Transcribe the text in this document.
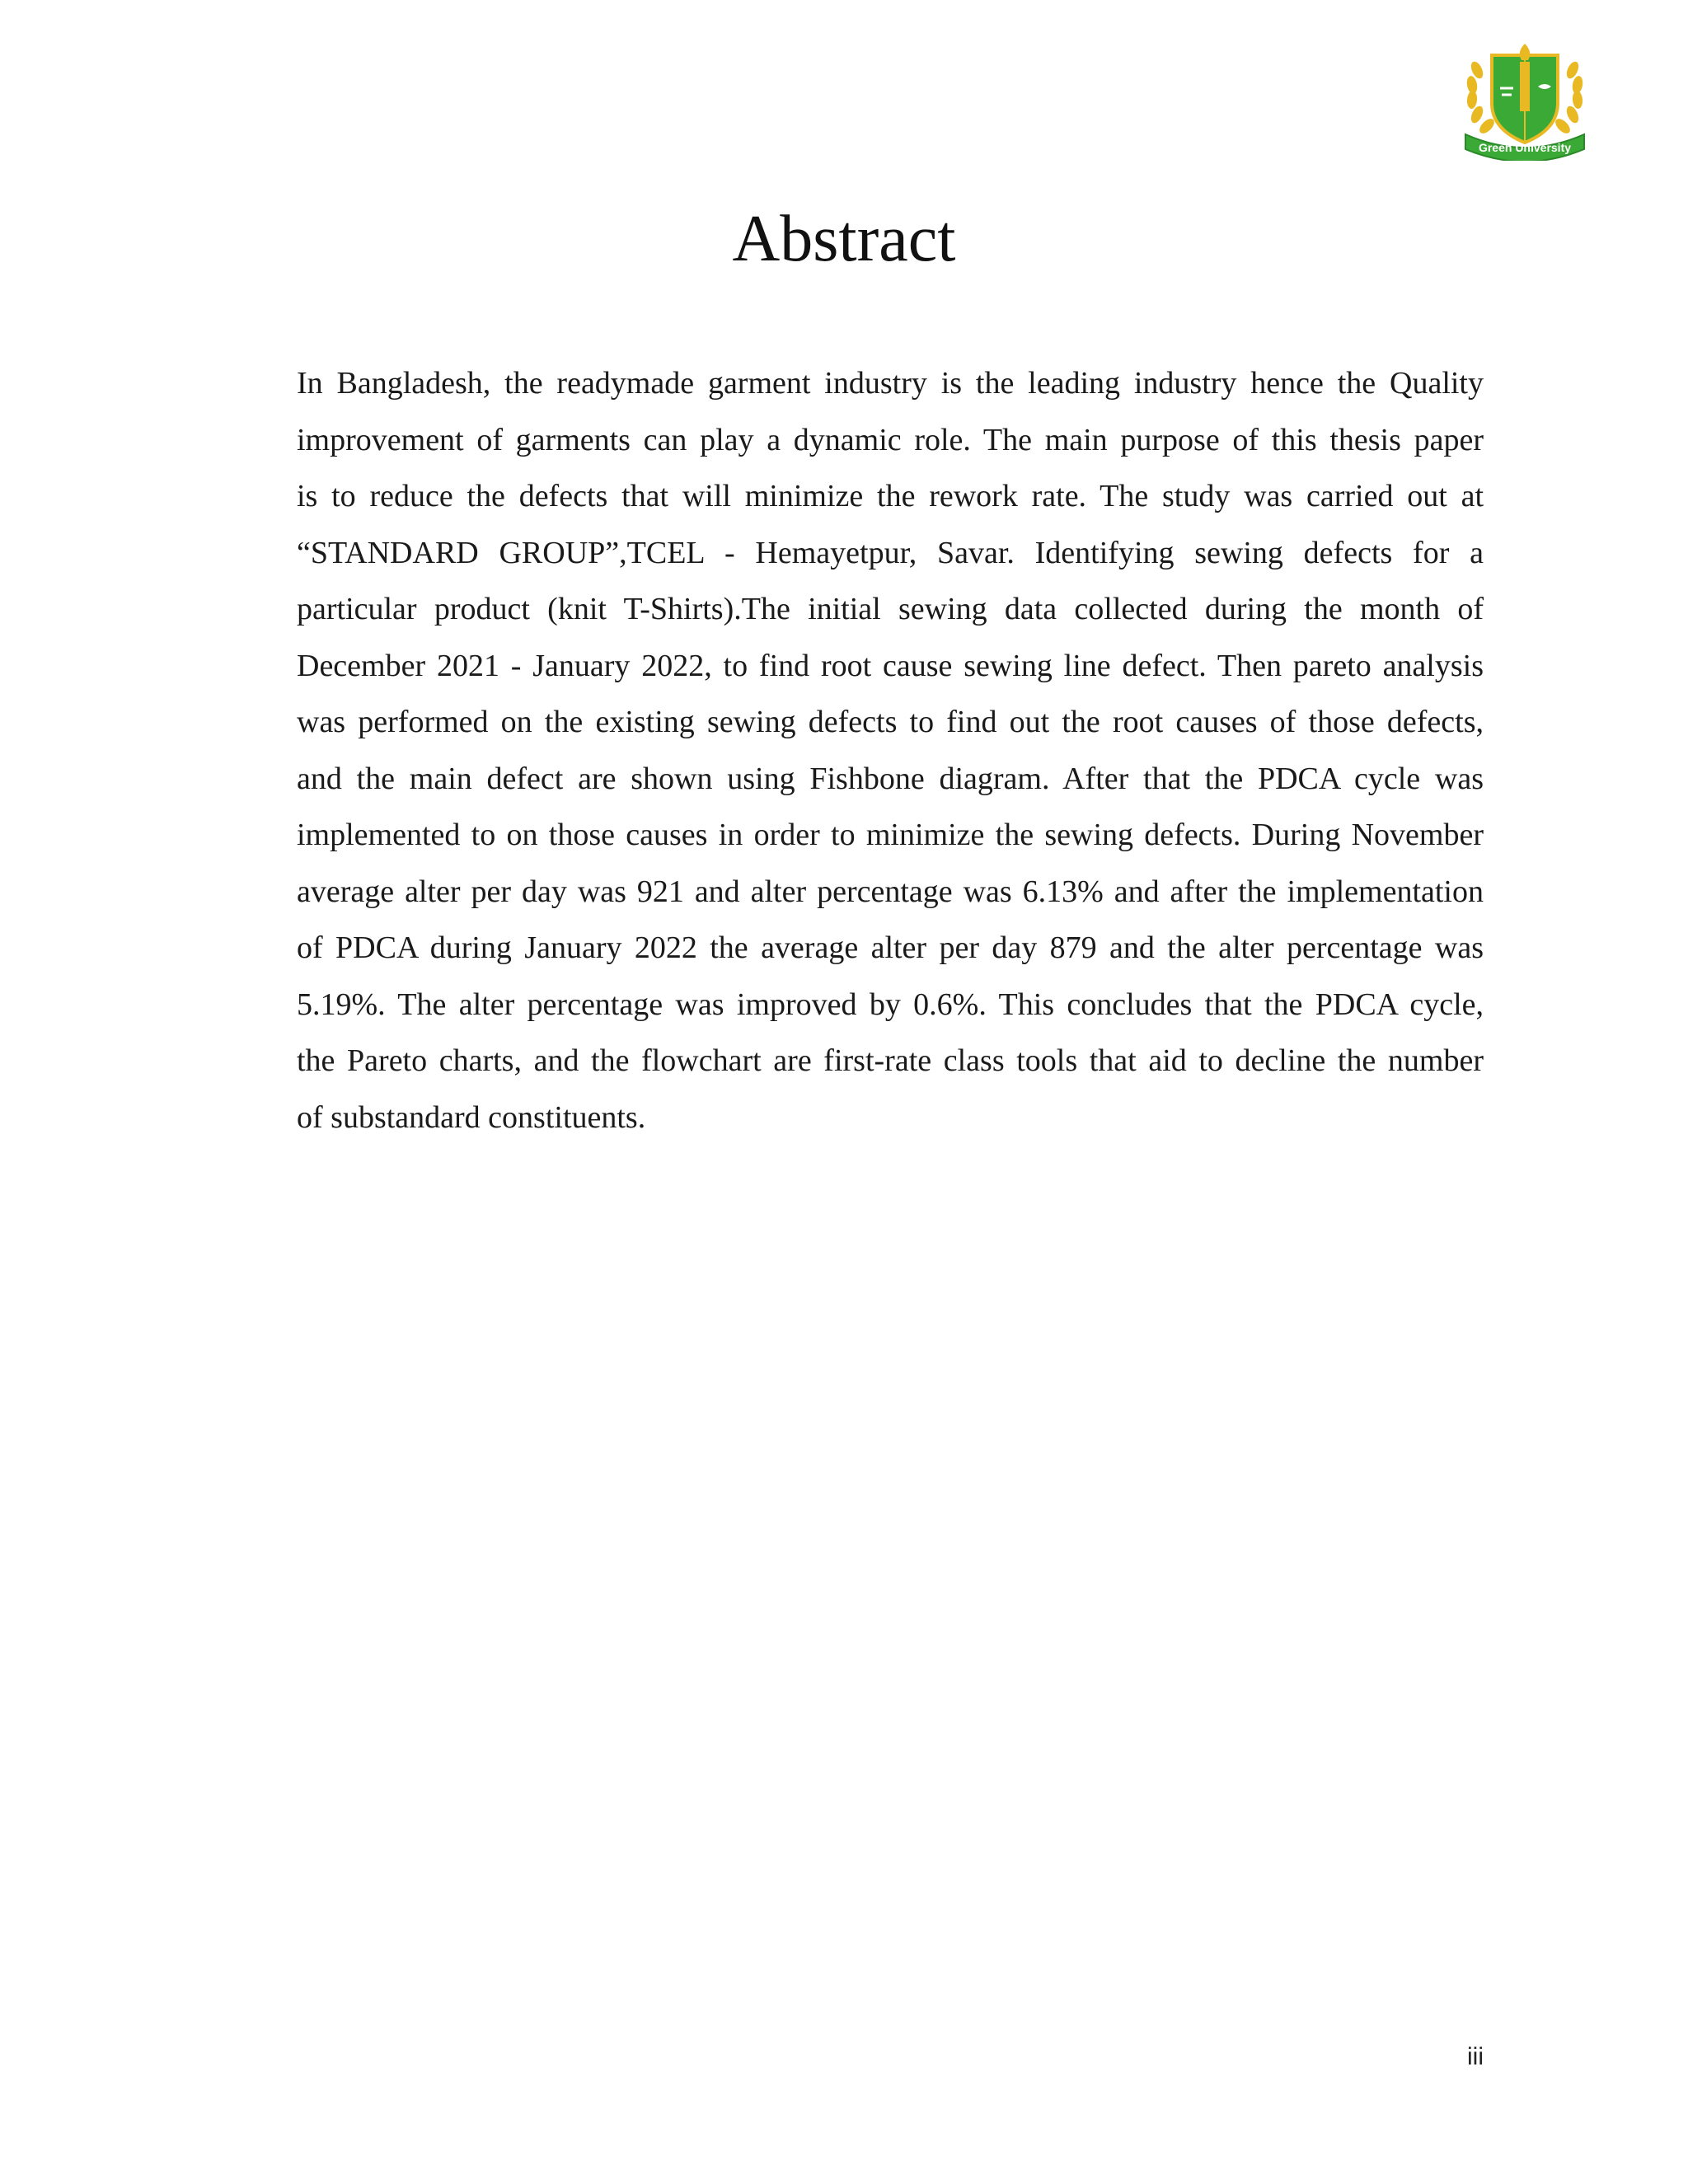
Green University
Abstract

In Bangladesh, the readymade garment industry is the leading industry hence the Quality
improvement of garments can play a dynamic role. The main purpose of this thesis paper
is to reduce the defects that will minimize the rework rate. The study was carried out at
“STANDARD GROUP”,TCEL - Hemayetpur, Savar. Identifying sewing defects for a
particular product (knit T-Shirts).The initial sewing data collected during the month of
December 2021 - January 2022, to find root cause sewing line defect. Then pareto analysis
was performed on the existing sewing defects to find out the root causes of those defects,
and the main defect are shown using Fishbone diagram. After that the PDCA cycle was
implemented to on those causes in order to minimize the sewing defects. During November
average alter per day was 921 and alter percentage was 6.13% and after the implementation
of PDCA during January 2022 the average alter per day 879 and the alter percentage was
5.19%. The alter percentage was improved by 0.6%. This concludes that the PDCA cycle,
the Pareto charts, and the flowchart are first-rate class tools that aid to decline the number
of substandard constituents.

iii
